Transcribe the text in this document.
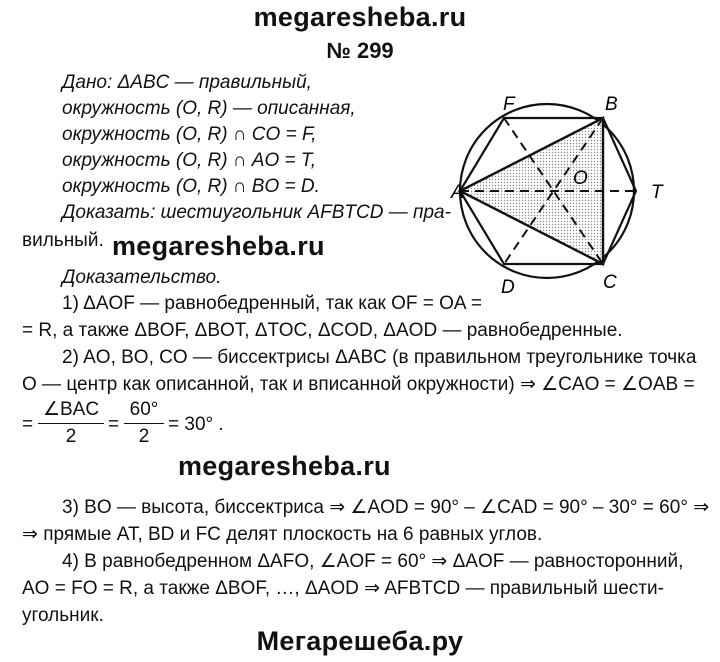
megaresheba.ru
№ 299
Дано: ΔABC — правильный,
окружность (O, R) — описанная,
окружность (O, R) ∩ CO = F,
окружность (O, R) ∩ AO = T,
окружность (O, R) ∩ BO = D.
Доказать: шестиугольник AFBTCD — пра-
вильный. megaresheba.ru
Доказательство.
1) ΔAOF — равнобедренный, так как OF = OA =
= R, а также ΔBOF, ΔBOT, ΔTOC, ΔCOD, ΔAOD — равнобедренные.
2) AO, BO, CO — биссектрисы ΔABC (в правильном треугольнике точка
O — центр как описанной, так и вписанной окружности) ⇒ ∠CAO = ∠OAB =
=
∠BAC
2
=
60°
2
= 30° .
megaresheba.ru
3) BO — высота, биссектриса ⇒ ∠AOD = 90° – ∠CAD = 90° – 30° = 60° ⇒
⇒ прямые AT, BD и FC делят плоскость на 6 равных углов.
4) В равнобедренном ΔAFO, ∠AOF = 60° ⇒ ΔAOF — равносторонний,
AO = FO = R, а также ΔBOF, …, ΔAOD ⇒ AFBTCD — правильный шести-
угольник.
Мегарешеба.ру
A
F	B
T
C
D
O
